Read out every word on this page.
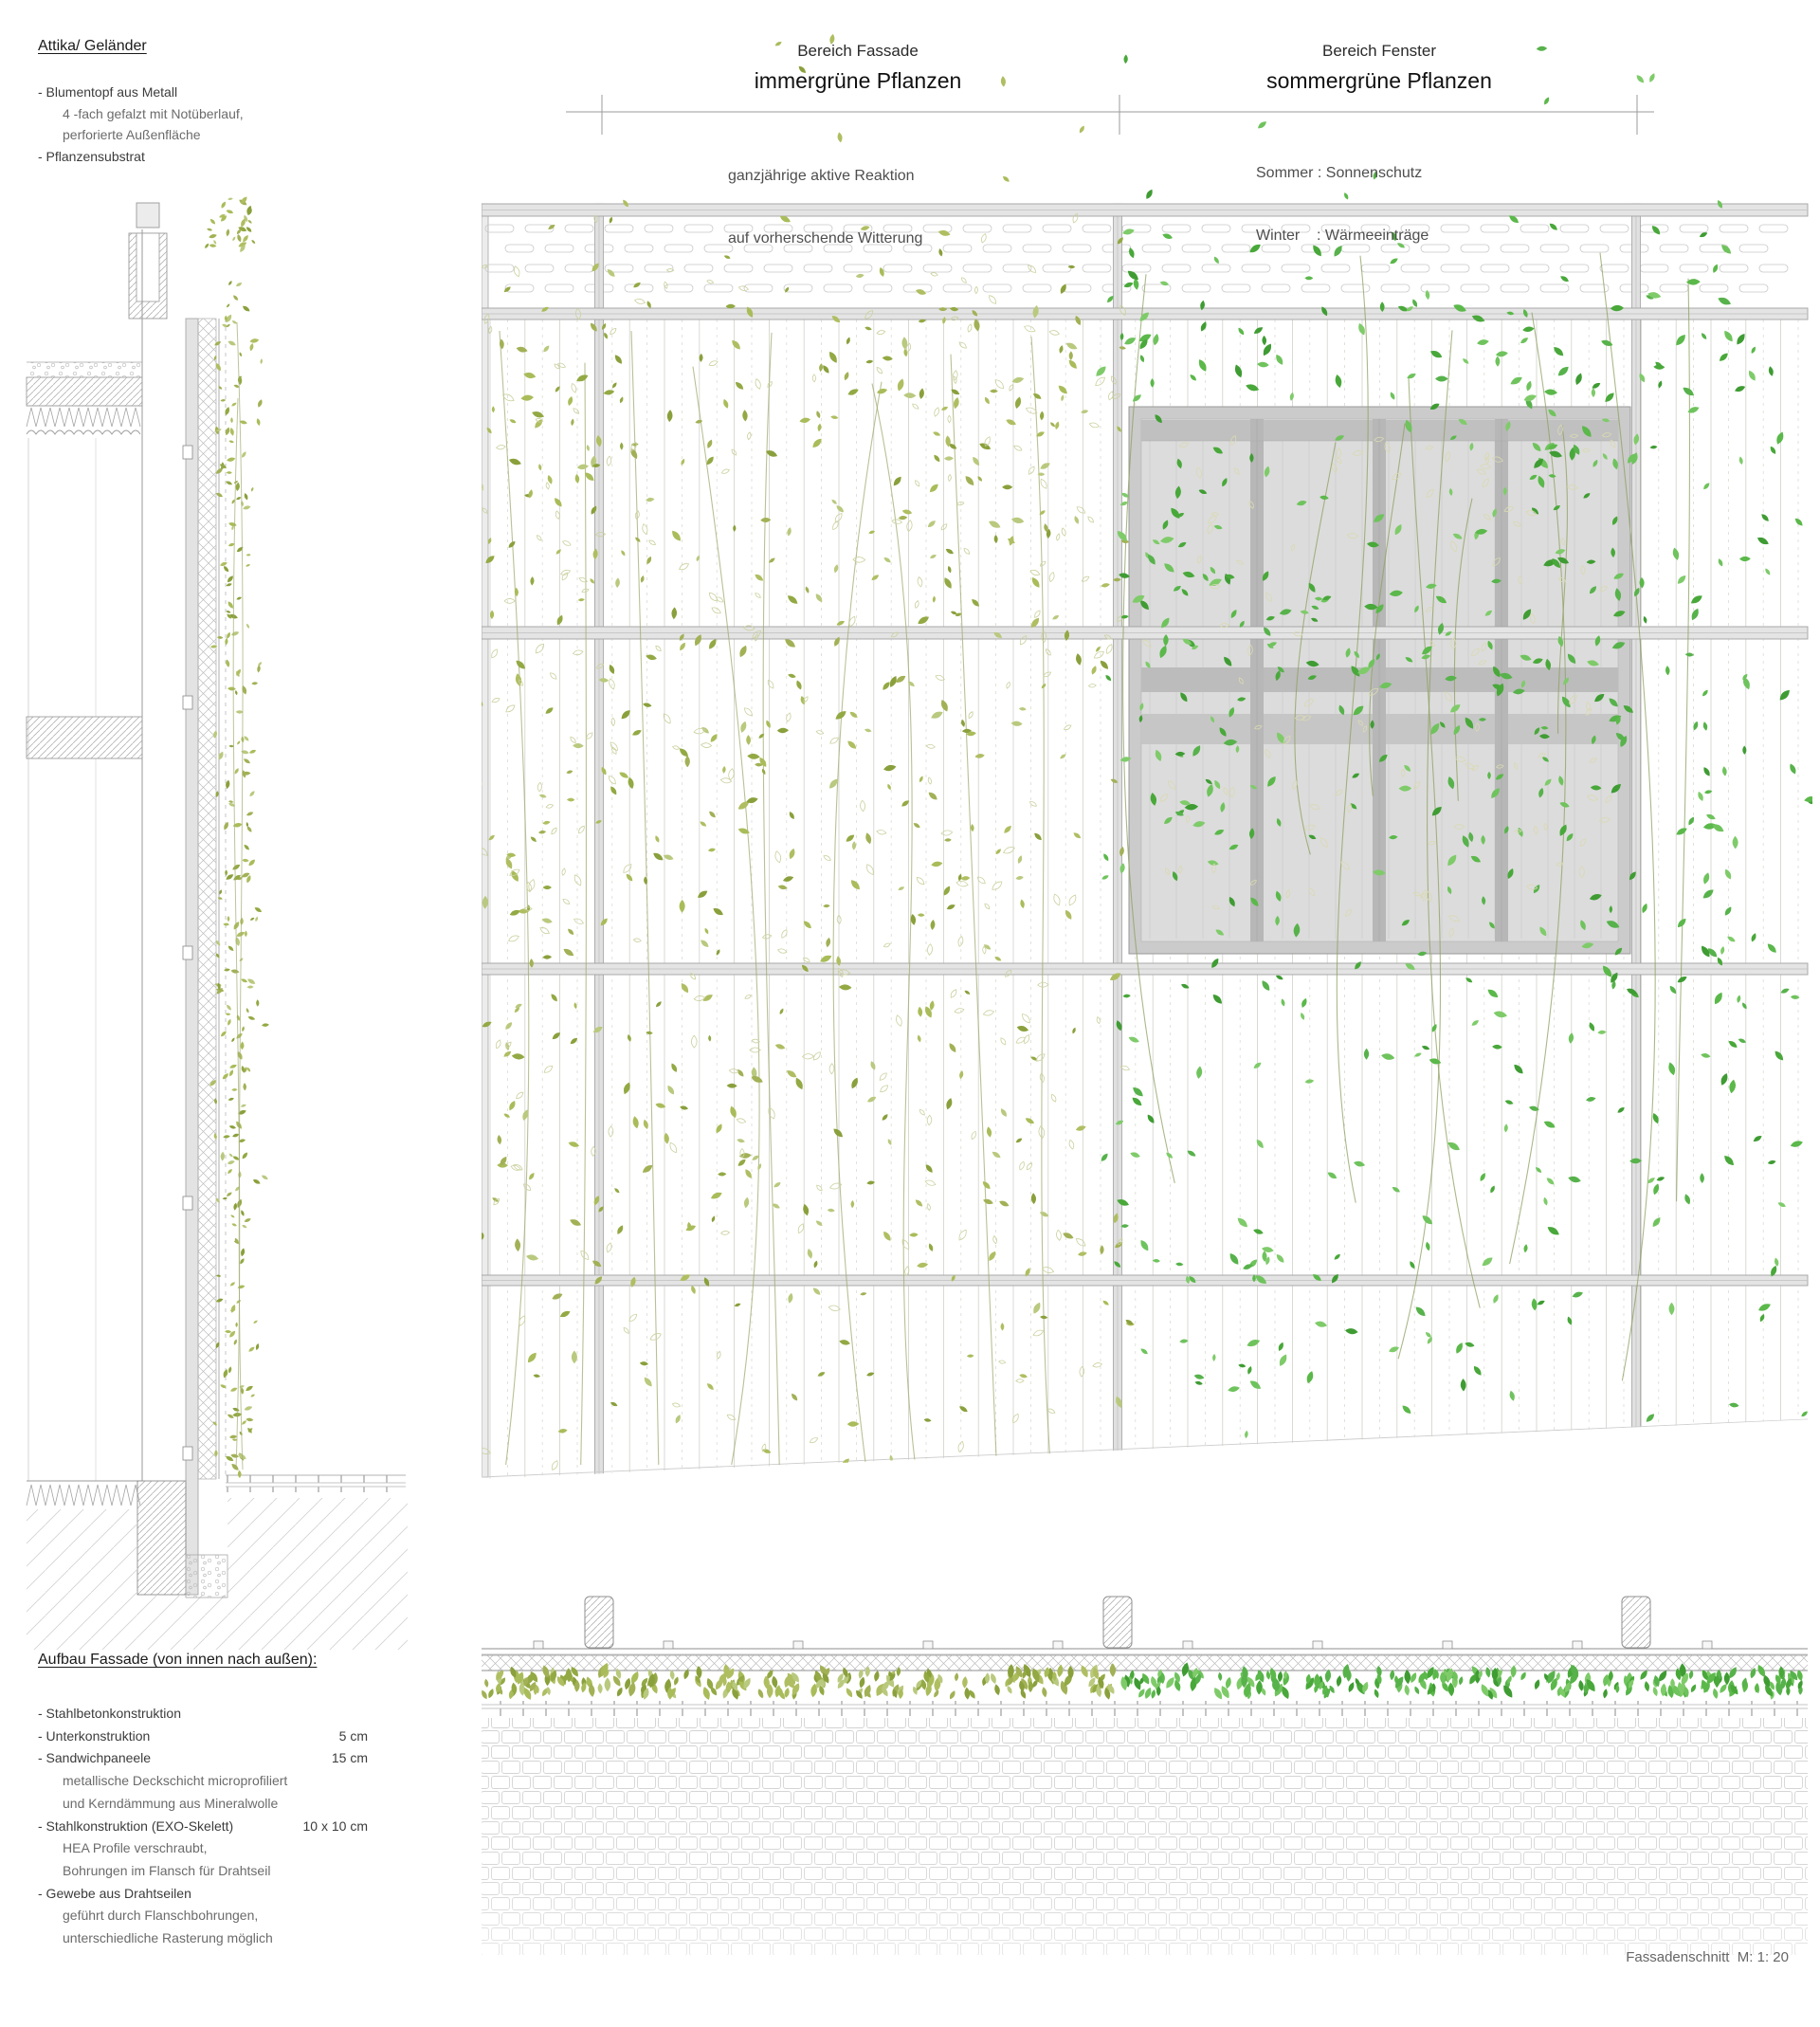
Attika/ Geländer
- Blumentopf aus Metall
4 -fach gefalzt mit Notüberlauf,
perforierte Außenfläche
- Pflanzensubstrat
Bereich Fassade
immergrüne Pflanzen

ganzjährige aktive Reaktion

auf vorherschende Witterung

Bereich Fenster
sommergrüne Pflanzen

Sommer : Sonnenschutz

Winter    : Wärmeeinträge

Aufbau Fassade (von innen nach außen):
- Stahlbetonkonstruktion
- Unterkonstruktion	5 cm
- Sandwichpaneele	15 cm
metallische Deckschicht microprofiliert
und Kerndämmung aus Mineralwolle
- Stahlkonstruktion (EXO-Skelett)	10 x 10 cm
HEA Profile verschraubt,
Bohrungen im Flansch für Drahtseil
- Gewebe aus Drahtseilen
geführt durch Flanschbohrungen,
unterschiedliche Rasterung möglich
Fassadenschnitt  M: 1: 20
